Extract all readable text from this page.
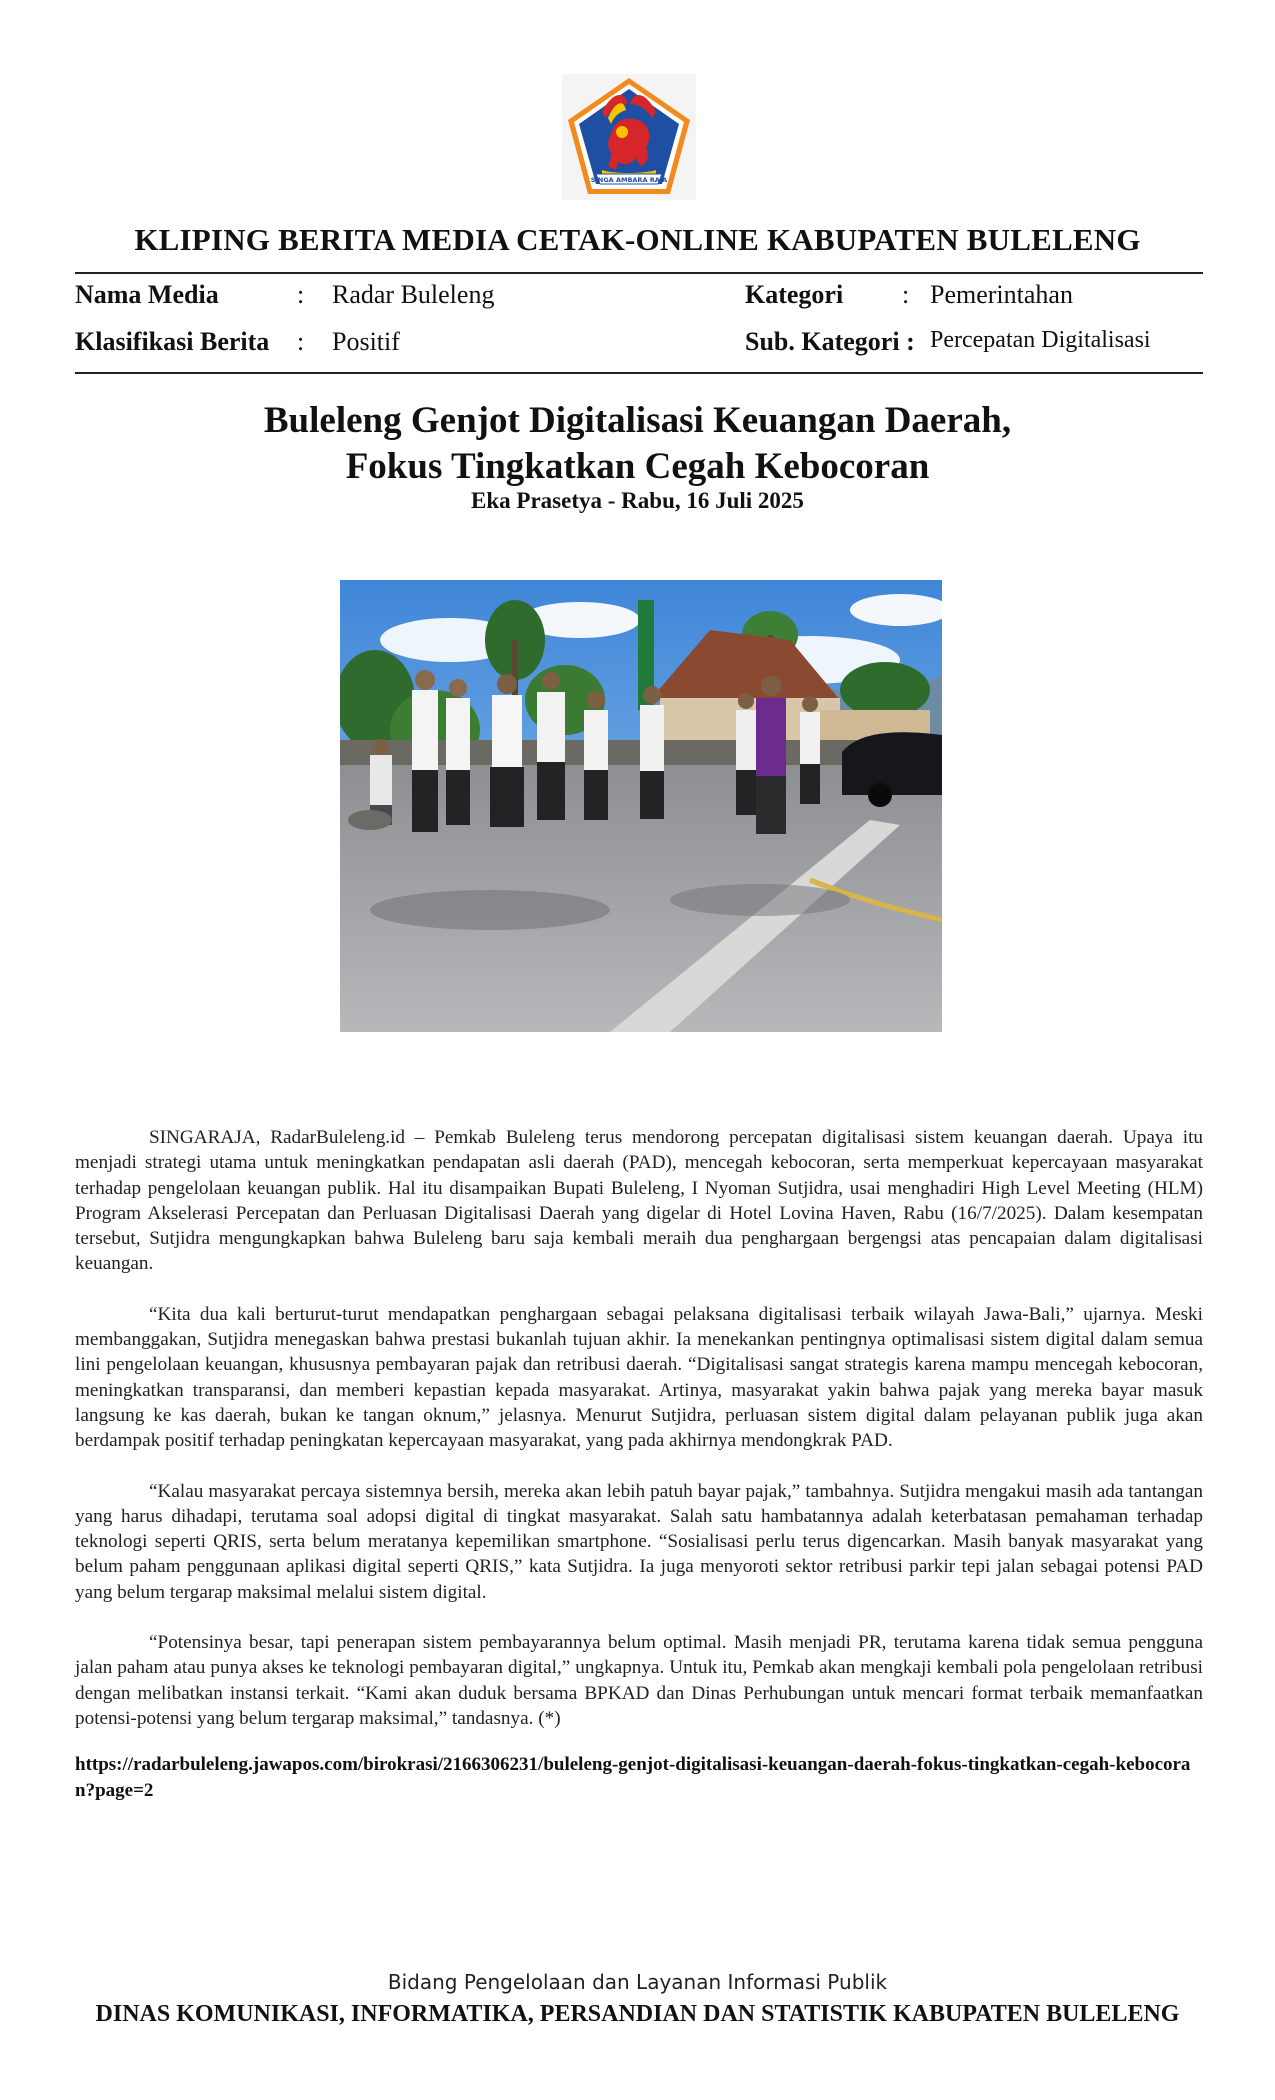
SINGA AMBARA RAJA
KLIPING BERITA MEDIA CETAK-ONLINE KABUPATEN BULELENG
Nama Media	: Radar Buleleng	Kategori : Pemerintahan
Klasifikasi Berita : Positif	Sub. Kategori : Percepatan Digitalisasi
Buleleng Genjot Digitalisasi Keuangan Daerah,
Fokus Tingkatkan Cegah Kebocoran
Eka Prasetya - Rabu, 16 Juli 2025

SINGARAJA, RadarBuleleng.id – Pemkab Buleleng terus mendorong percepatan digitalisasi sistem keuangan daerah. Upaya itu menjadi strategi utama untuk meningkatkan pendapatan asli daerah (PAD), mencegah kebocoran, serta memperkuat kepercayaan masyarakat terhadap pengelolaan keuangan publik. Hal itu disampaikan Bupati Buleleng, I Nyoman Sutjidra, usai menghadiri High Level Meeting (HLM) Program Akselerasi Percepatan dan Perluasan Digitalisasi Daerah yang digelar di Hotel Lovina Haven, Rabu (16/7/2025). Dalam kesempatan tersebut, Sutjidra mengungkapkan bahwa Buleleng baru saja kembali meraih dua penghargaan bergengsi atas pencapaian dalam digitalisasi keuangan.

“Kita dua kali berturut-turut mendapatkan penghargaan sebagai pelaksana digitalisasi terbaik wilayah Jawa-Bali,” ujarnya. Meski membanggakan, Sutjidra menegaskan bahwa prestasi bukanlah tujuan akhir. Ia menekankan pentingnya optimalisasi sistem digital dalam semua lini pengelolaan keuangan, khususnya pembayaran pajak dan retribusi daerah. “Digitalisasi sangat strategis karena mampu mencegah kebocoran, meningkatkan transparansi, dan memberi kepastian kepada masyarakat. Artinya, masyarakat yakin bahwa pajak yang mereka bayar masuk langsung ke kas daerah, bukan ke tangan oknum,” jelasnya. Menurut Sutjidra, perluasan sistem digital dalam pelayanan publik juga akan berdampak positif terhadap peningkatan kepercayaan masyarakat, yang pada akhirnya mendongkrak PAD.

“Kalau masyarakat percaya sistemnya bersih, mereka akan lebih patuh bayar pajak,” tambahnya. Sutjidra mengakui masih ada tantangan yang harus dihadapi, terutama soal adopsi digital di tingkat masyarakat. Salah satu hambatannya adalah keterbatasan pemahaman terhadap teknologi seperti QRIS, serta belum meratanya kepemilikan smartphone. “Sosialisasi perlu terus digencarkan. Masih banyak masyarakat yang belum paham penggunaan aplikasi digital seperti QRIS,” kata Sutjidra. Ia juga menyoroti sektor retribusi parkir tepi jalan sebagai potensi PAD yang belum tergarap maksimal melalui sistem digital.

“Potensinya besar, tapi penerapan sistem pembayarannya belum optimal. Masih menjadi PR, terutama karena tidak semua pengguna jalan paham atau punya akses ke teknologi pembayaran digital,” ungkapnya. Untuk itu, Pemkab akan mengkaji kembali pola pengelolaan retribusi dengan melibatkan instansi terkait. “Kami akan duduk bersama BPKAD dan Dinas Perhubungan untuk mencari format terbaik memanfaatkan potensi-potensi yang belum tergarap maksimal,” tandasnya. (*)

https://radarbuleleng.jawapos.com/birokrasi/2166306231/buleleng-genjot-digitalisasi-keuangan-daerah-fokus-tingkatkan-cegah-kebocoran?page=2
Bidang Pengelolaan dan Layanan Informasi Publik
DINAS KOMUNIKASI, INFORMATIKA, PERSANDIAN DAN STATISTIK KABUPATEN BULELENG
